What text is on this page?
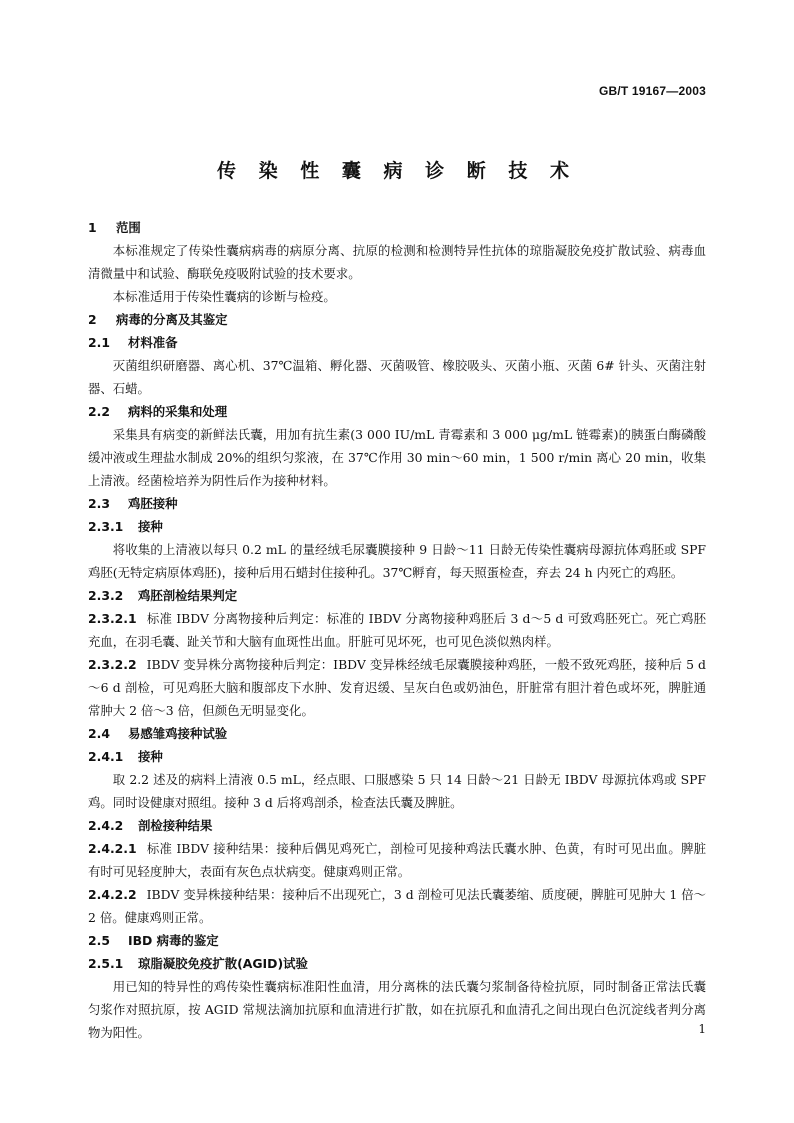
GB/T 19167—2003
传 染 性 囊 病 诊 断 技 术
1 范围
本标准规定了传染性囊病病毒的病原分离、抗原的检测和检测特异性抗体的琼脂凝胶免疫扩散试验、病毒血清微量中和试验、酶联免疫吸附试验的技术要求。
本标准适用于传染性囊病的诊断与检疫。
2 病毒的分离及其鉴定
2.1 材料准备
灭菌组织研磨器、离心机、37℃温箱、孵化器、灭菌吸管、橡胶吸头、灭菌小瓶、灭菌 6# 针头、灭菌注射器、石蜡。
2.2 病料的采集和处理
采集具有病变的新鲜法氏囊，用加有抗生素(3 000 IU/mL 青霉素和 3 000 μg/mL 链霉素)的胰蛋白酶磷酸缓冲液或生理盐水制成 20%的组织匀浆液，在 37℃作用 30 min～60 min，1 500 r/min 离心 20 min，收集上清液。经菌检培养为阴性后作为接种材料。
2.3 鸡胚接种
2.3.1 接种
将收集的上清液以每只 0.2 mL 的量经绒毛尿囊膜接种 9 日龄～11 日龄无传染性囊病母源抗体鸡胚或 SPF 鸡胚(无特定病原体鸡胚)，接种后用石蜡封住接种孔。37℃孵育，每天照蛋检查，弃去 24 h 内死亡的鸡胚。
2.3.2 鸡胚剖检结果判定
2.3.2.1 标准 IBDV 分离物接种后判定：标准的 IBDV 分离物接种鸡胚后 3 d～5 d 可致鸡胚死亡。死亡鸡胚充血，在羽毛囊、趾关节和大脑有血斑性出血。肝脏可见坏死，也可见色淡似熟肉样。
2.3.2.2 IBDV 变异株分离物接种后判定：IBDV 变异株经绒毛尿囊膜接种鸡胚，一般不致死鸡胚，接种后 5 d～6 d 剖检，可见鸡胚大脑和腹部皮下水肿、发育迟缓、呈灰白色或奶油色，肝脏常有胆汁着色或坏死，脾脏通常肿大 2 倍～3 倍，但颜色无明显变化。
2.4 易感雏鸡接种试验
2.4.1 接种
取 2.2 述及的病料上清液 0.5 mL，经点眼、口服感染 5 只 14 日龄～21 日龄无 IBDV 母源抗体鸡或 SPF 鸡。同时设健康对照组。接种 3 d 后将鸡剖杀，检查法氏囊及脾脏。
2.4.2 剖检接种结果
2.4.2.1 标准 IBDV 接种结果：接种后偶见鸡死亡，剖检可见接种鸡法氏囊水肿、色黄，有时可见出血。脾脏有时可见轻度肿大，表面有灰色点状病变。健康鸡则正常。
2.4.2.2 IBDV 变异株接种结果：接种后不出现死亡，3 d 剖检可见法氏囊萎缩、质度硬，脾脏可见肿大 1 倍～2 倍。健康鸡则正常。
2.5 IBD 病毒的鉴定
2.5.1 琼脂凝胶免疫扩散(AGID)试验
用已知的特异性的鸡传染性囊病标准阳性血清，用分离株的法氏囊匀浆制备待检抗原，同时制备正常法氏囊匀浆作对照抗原，按 AGID 常规法滴加抗原和血清进行扩散，如在抗原孔和血清孔之间出现白色沉淀线者判分离物为阳性。	1
